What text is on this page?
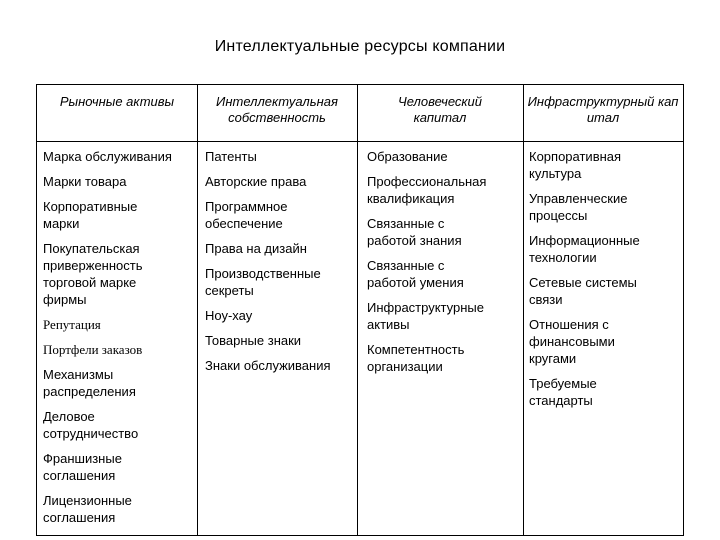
Интеллектуальные ресурсы компании
Рыночные активы	Интеллектуальная собственность
Человеческий капитал
Инфраструктурный капитал
Марка обслуживания
Марки товара
Корпоративные марки
Покупательская приверженность торговой марке фирмы
Репутация
Портфели заказов
Механизмы распределения
Деловое сотрудничество
Франшизные соглашения
Лицензионные соглашения
Патенты
Авторские права
Программное обеспечение
Права на дизайн
Производственные секреты
Ноу-хау
Товарные знаки
Знаки обслуживания
Образование
Профессиональная квалификация
Связанные с работой знания
Связанные с работой умения
Инфраструктурные активы
Компетентность организации
Корпоративная культура
Управленческие процессы
Информационные технологии
Сетевые системы связи
Отношения с финансовыми кругами
Требуемые стандарты
